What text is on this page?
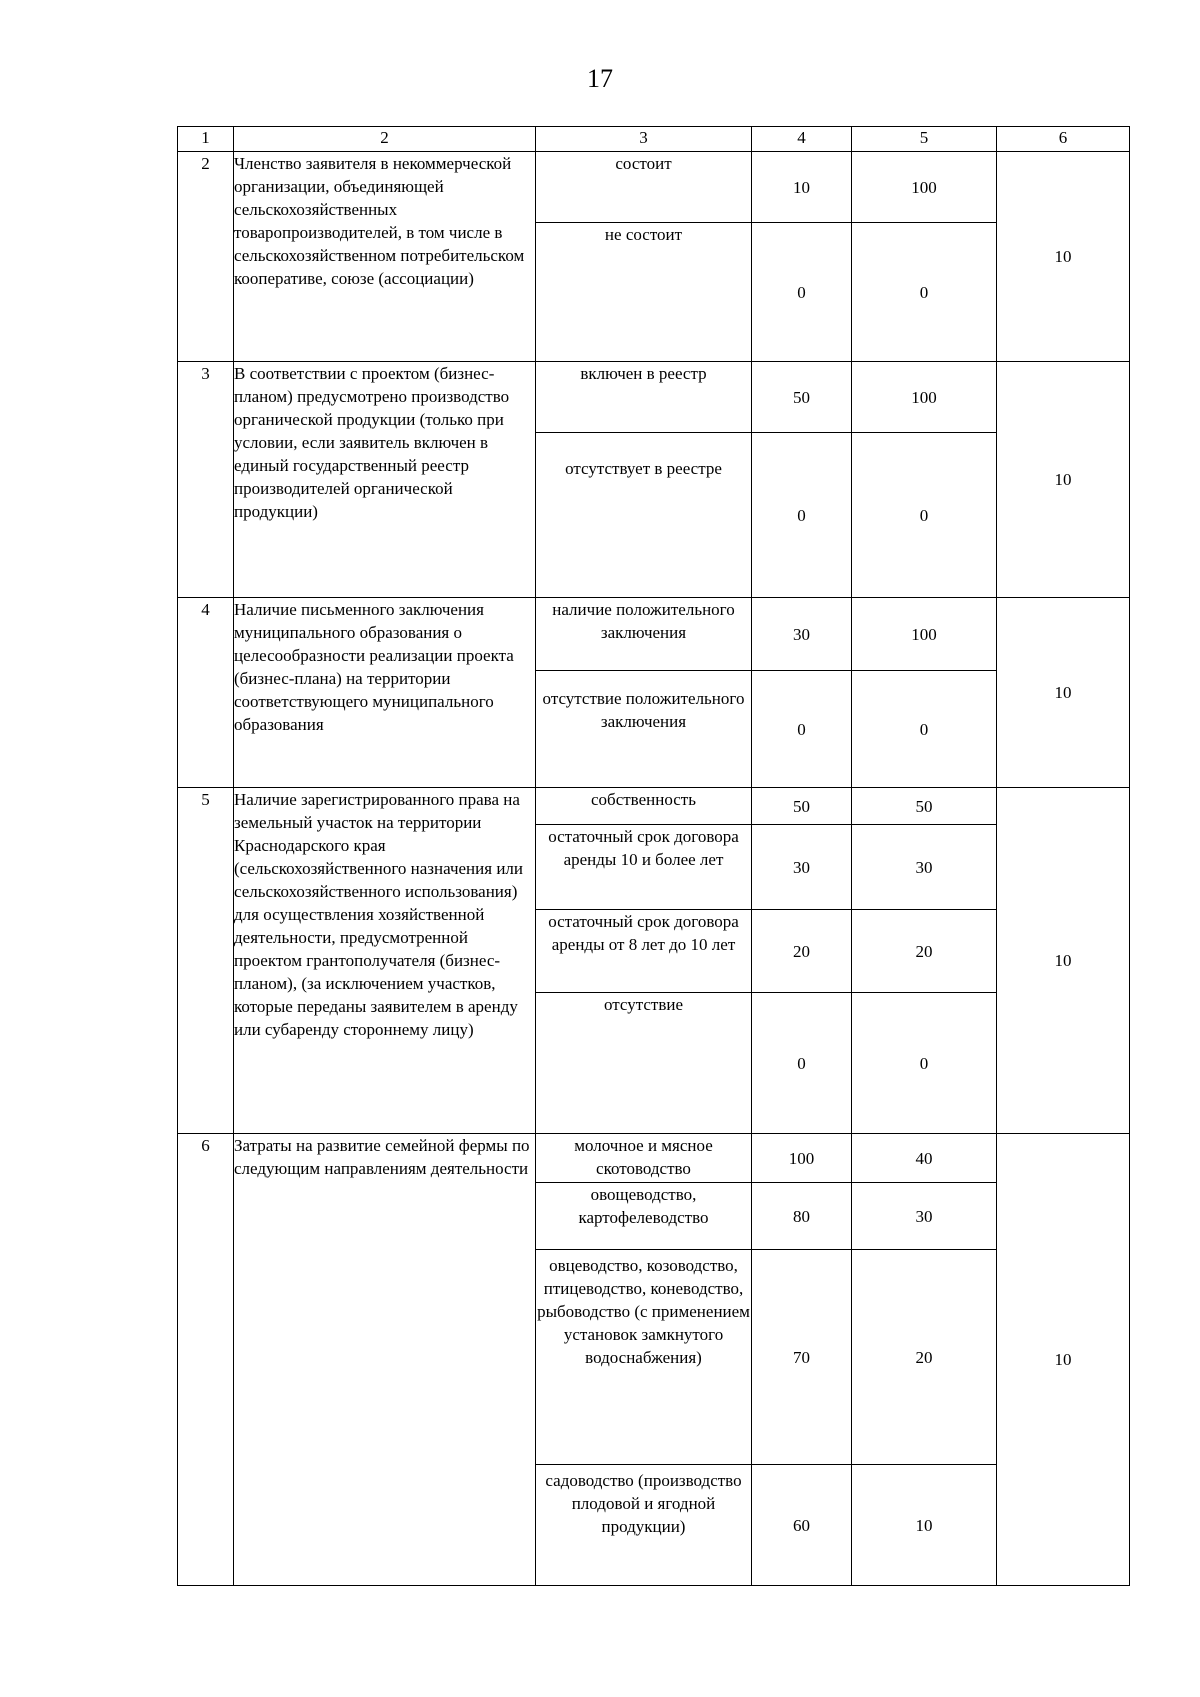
17
1	2	3	4	5	6
2	Членство заявителя в некоммерческой организации, объединяющей сельскохозяйственных товаропроизводителей, в том числе в сельскохозяйственном потребительском кооперативе, союзе (ассоциации)	состоит	10	100	10
		не состоит	0	0	
3	В соответствии с проектом (бизнес-планом) предусмотрено производство органической продукции (только при условии, если заявитель включен в единый государственный реестр производителей органической продукции)	включен в реестр	50	100	10
		отсутствует в реестре	0	0	
4	Наличие письменного заключения муниципального образования о целесообразности реализации проекта (бизнес-плана) на территории соответствующего муниципального образования	наличие положительного заключения	30	100	10
		отсутствие положительного заключения	0	0	
5	Наличие зарегистрированного права на земельный участок на территории Краснодарского края (сельскохозяйственного назначения или сельскохозяйственного использования) для осуществления хозяйственной деятельности, предусмотренной проектом грантополучателя (бизнес-планом), (за исключением участков, которые переданы заявителем в аренду или субаренду стороннему лицу)	собственность	50	50	10
		остаточный срок договора аренды 10 и более лет	30	30	
		остаточный срок договора аренды от 8 лет до 10 лет	20	20	
		отсутствие	0	0	
6	Затраты на развитие семейной фермы по следующим направлениям деятельности	молочное и мясное скотоводство	100	40	10
		овощеводство, картофелеводство	80	30	
		овцеводство, козоводство, птицеводство, коневодство, рыбоводство (с применением установок замкнутого водоснабжения)	70	20	
		садоводство (производство плодовой и ягодной продукции)	60	10	
